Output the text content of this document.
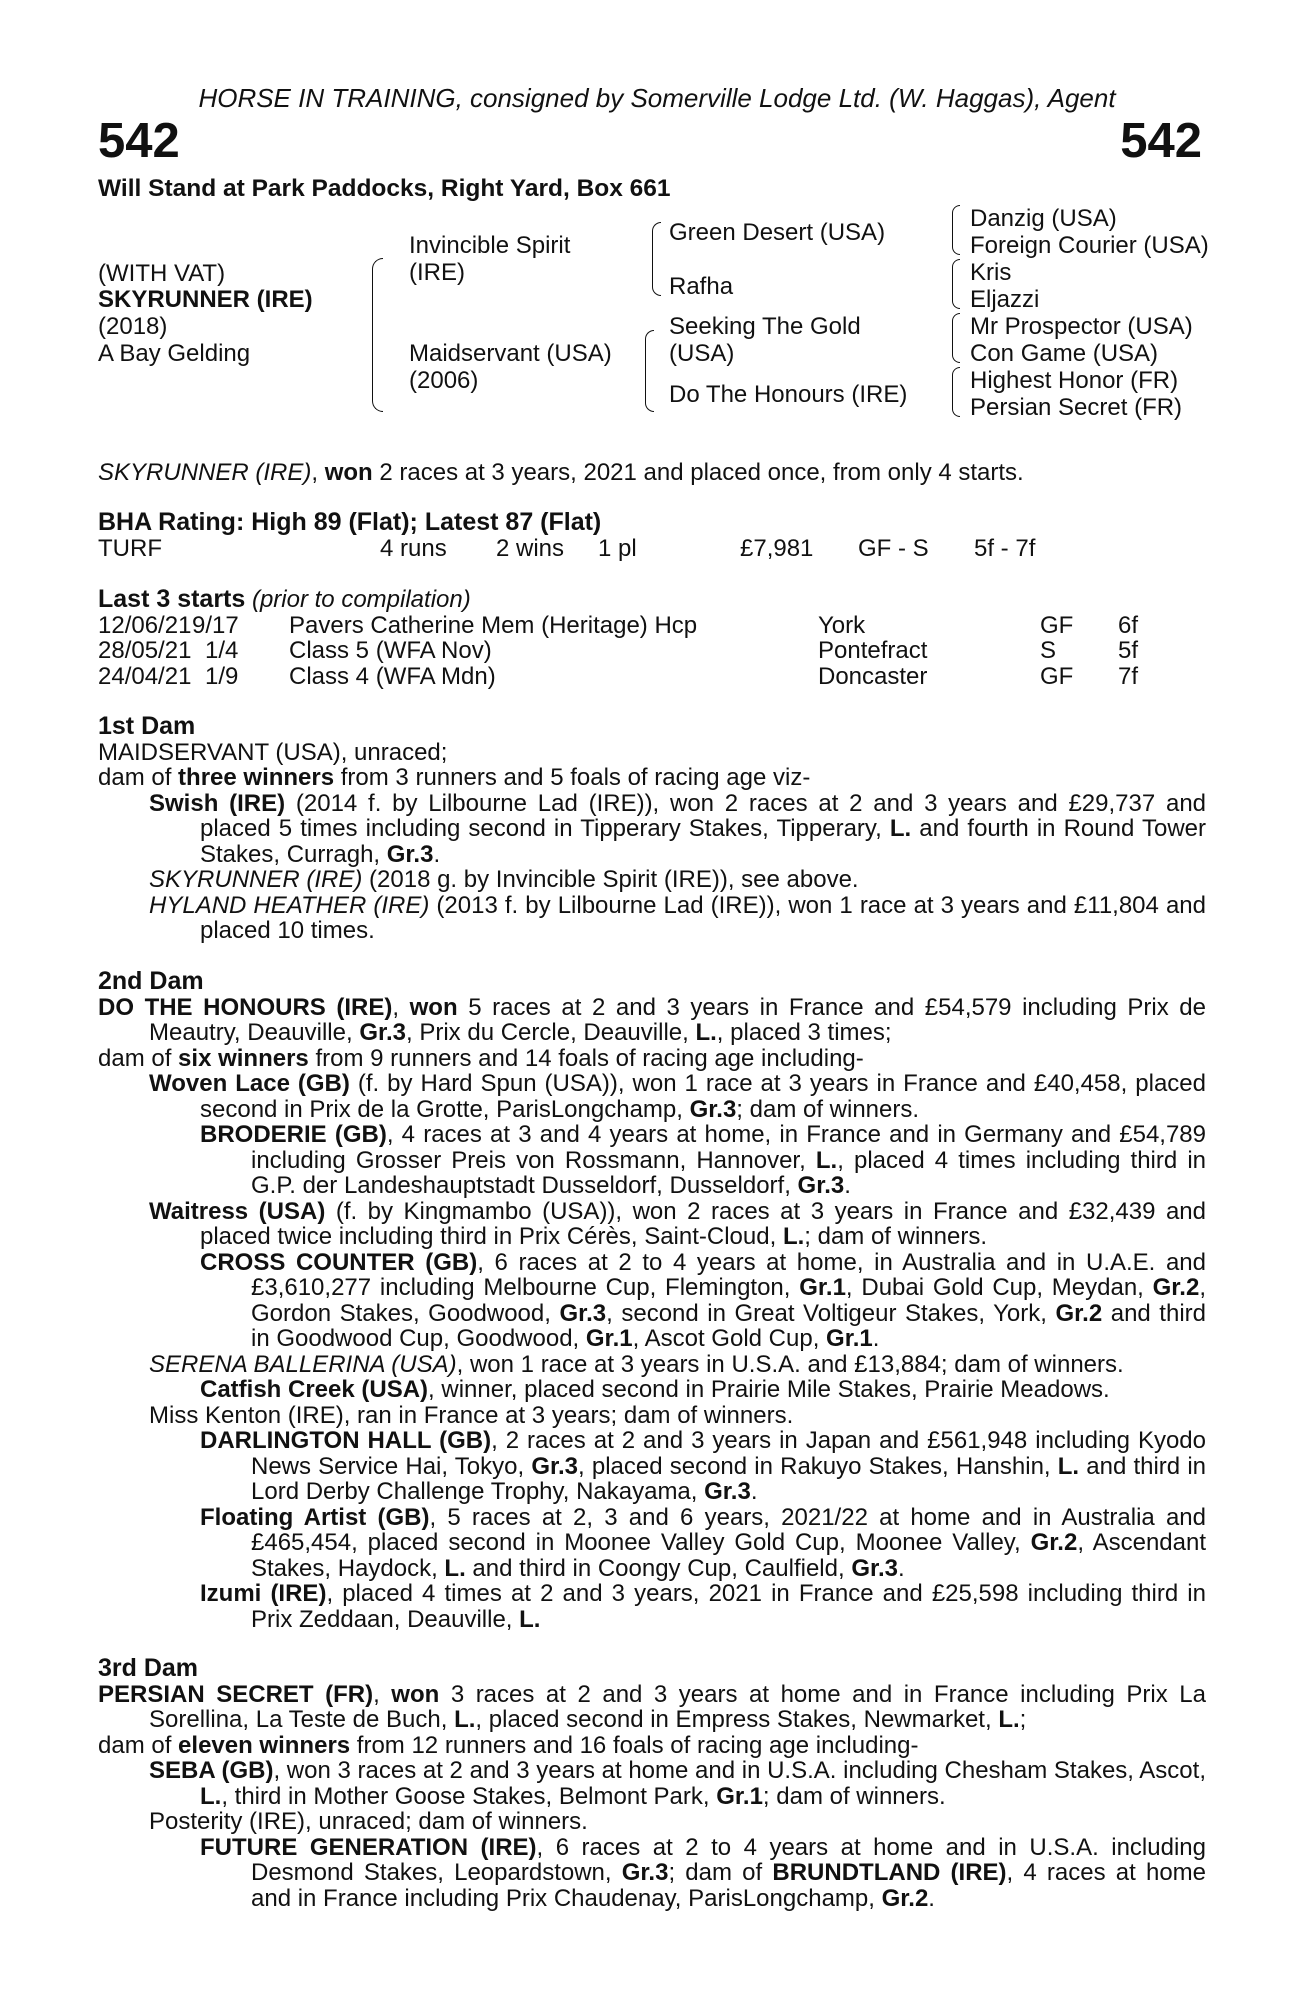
HORSE IN TRAINING, consigned by Somerville Lodge Ltd. (W. Haggas), Agent
542	542
Will Stand at Park Paddocks, Right Yard, Box 661
(WITH VAT)
SKYRUNNER (IRE)
(2018)
A Bay Gelding
Invincible Spirit
(IRE)
Maidservant (USA)
(2006)
Green Desert (USA)
Rafha
Seeking The Gold
(USA)
Do The Honours (IRE)
Danzig (USA)
Foreign Courier (USA)
Kris
Eljazzi
Mr Prospector (USA)
Con Game (USA)
Highest Honor (FR)
Persian Secret (FR)
SKYRUNNER (IRE), won 2 races at 3 years, 2021 and placed once, from only 4 starts.
BHA Rating: High 89 (Flat); Latest 87 (Flat)
TURF	4 runs 2 wins 1 pl	£7,981 GF - S 5f - 7f
Last 3 starts (prior to compilation)
12/06/21 9/17 Pavers Catherine Mem (Heritage) Hcp	York	GF 6f
28/05/21 1/4 Class 5 (WFA Nov)	Pontefract	S	5f
24/04/21 1/9 Class 4 (WFA Mdn)	Doncaster	GF 7f
1st Dam
MAIDSERVANT (USA), unraced;
dam of three winners from 3 runners and 5 foals of racing age viz-
Swish (IRE) (2014 f. by Lilbourne Lad (IRE)), won 2 races at 2 and 3 years and £29,737 and placed 5 times including second in Tipperary Stakes, Tipperary, L. and fourth in Round Tower Stakes, Curragh, Gr.3.
SKYRUNNER (IRE) (2018 g. by Invincible Spirit (IRE)), see above.
HYLAND HEATHER (IRE) (2013 f. by Lilbourne Lad (IRE)), won 1 race at 3 years and £11,804 and placed 10 times.
2nd Dam
DO THE HONOURS (IRE), won 5 races at 2 and 3 years in France and £54,579 including Prix de Meautry, Deauville, Gr.3, Prix du Cercle, Deauville, L., placed 3 times;
dam of six winners from 9 runners and 14 foals of racing age including-
Woven Lace (GB) (f. by Hard Spun (USA)), won 1 race at 3 years in France and £40,458, placed second in Prix de la Grotte, ParisLongchamp, Gr.3; dam of winners.
BRODERIE (GB), 4 races at 3 and 4 years at home, in France and in Germany and £54,789 including Grosser Preis von Rossmann, Hannover, L., placed 4 times including third in G.P. der Landeshauptstadt Dusseldorf, Dusseldorf, Gr.3.
Waitress (USA) (f. by Kingmambo (USA)), won 2 races at 3 years in France and £32,439 and placed twice including third in Prix Cérès, Saint-Cloud, L.; dam of winners.
CROSS COUNTER (GB), 6 races at 2 to 4 years at home, in Australia and in U.A.E. and £3,610,277 including Melbourne Cup, Flemington, Gr.1, Dubai Gold Cup, Meydan, Gr.2, Gordon Stakes, Goodwood, Gr.3, second in Great Voltigeur Stakes, York, Gr.2 and third in Goodwood Cup, Goodwood, Gr.1, Ascot Gold Cup, Gr.1.
SERENA BALLERINA (USA), won 1 race at 3 years in U.S.A. and £13,884; dam of winners.
Catfish Creek (USA), winner, placed second in Prairie Mile Stakes, Prairie Meadows.
Miss Kenton (IRE), ran in France at 3 years; dam of winners.
DARLINGTON HALL (GB), 2 races at 2 and 3 years in Japan and £561,948 including Kyodo News Service Hai, Tokyo, Gr.3, placed second in Rakuyo Stakes, Hanshin, L. and third in Lord Derby Challenge Trophy, Nakayama, Gr.3.
Floating Artist (GB), 5 races at 2, 3 and 6 years, 2021/22 at home and in Australia and £465,454, placed second in Moonee Valley Gold Cup, Moonee Valley, Gr.2, Ascendant Stakes, Haydock, L. and third in Coongy Cup, Caulfield, Gr.3.
Izumi (IRE), placed 4 times at 2 and 3 years, 2021 in France and £25,598 including third in Prix Zeddaan, Deauville, L.
3rd Dam
PERSIAN SECRET (FR), won 3 races at 2 and 3 years at home and in France including Prix La Sorellina, La Teste de Buch, L., placed second in Empress Stakes, Newmarket, L.;
dam of eleven winners from 12 runners and 16 foals of racing age including-
SEBA (GB), won 3 races at 2 and 3 years at home and in U.S.A. including Chesham Stakes, Ascot, L., third in Mother Goose Stakes, Belmont Park, Gr.1; dam of winners.
Posterity (IRE), unraced; dam of winners.
FUTURE GENERATION (IRE), 6 races at 2 to 4 years at home and in U.S.A. including Desmond Stakes, Leopardstown, Gr.3; dam of BRUNDTLAND (IRE), 4 races at home and in France including Prix Chaudenay, ParisLongchamp, Gr.2.
